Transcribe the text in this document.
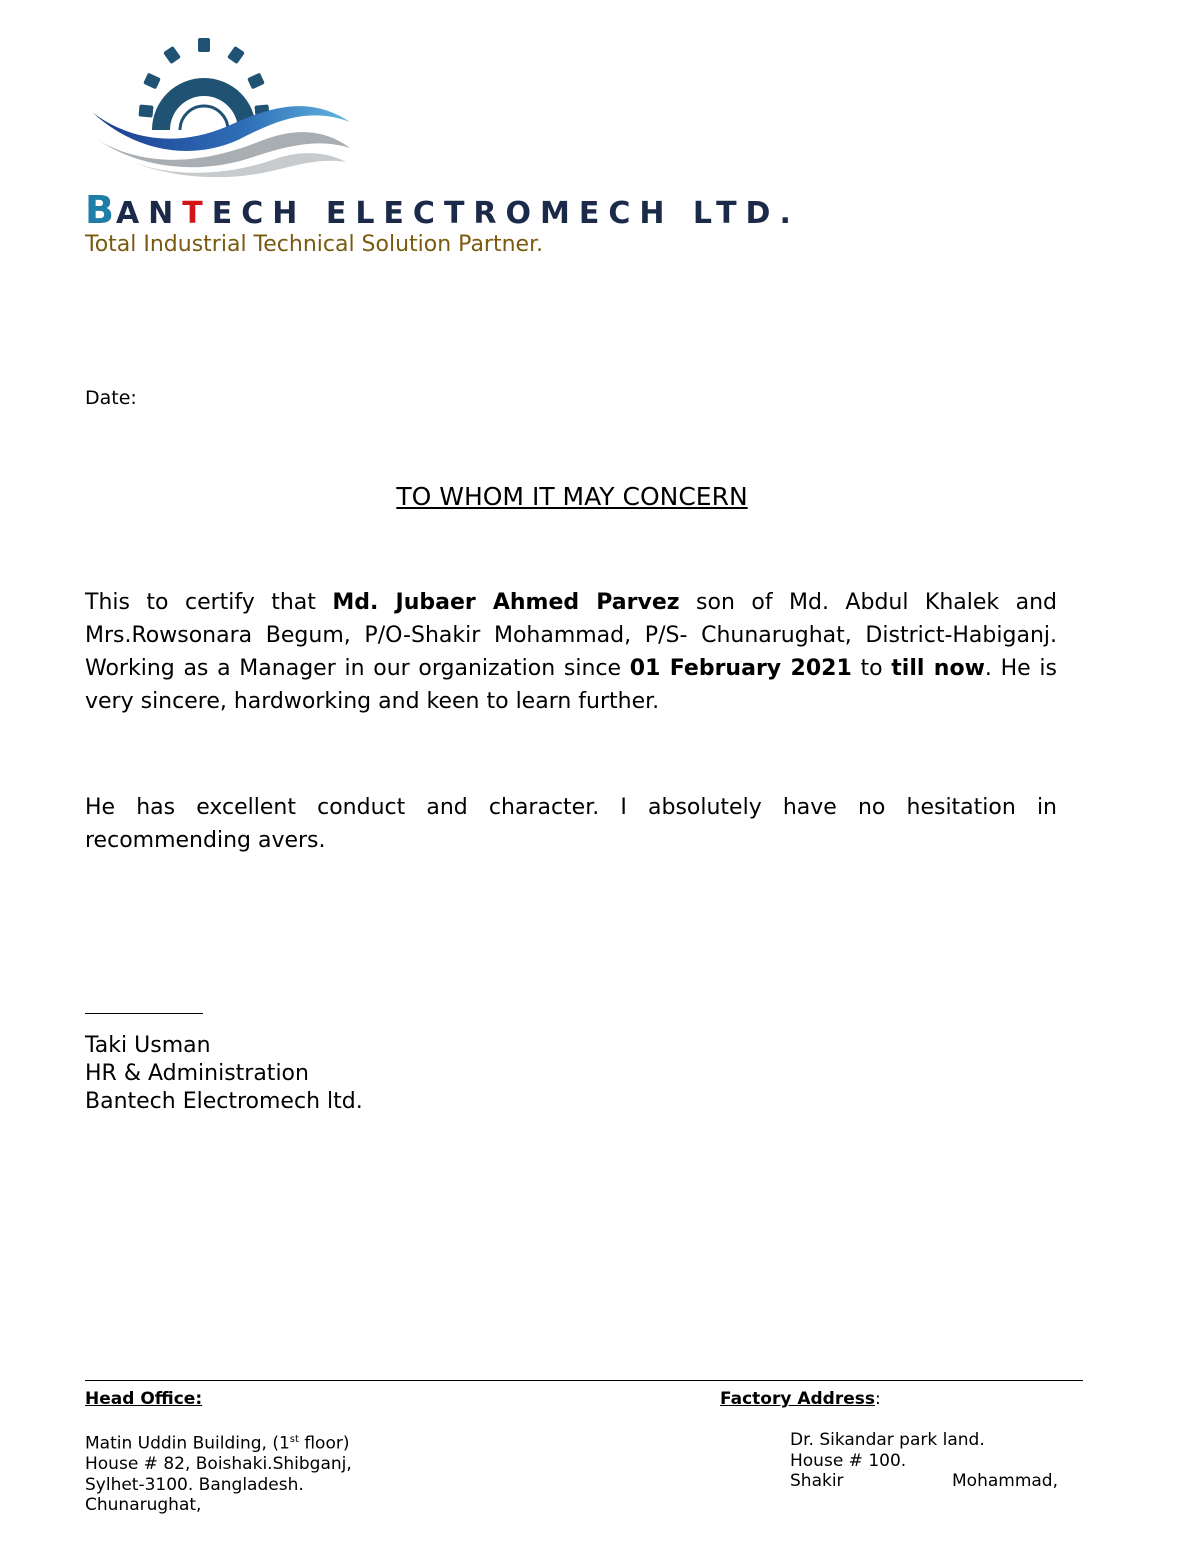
BANTECH ELECTROMECH LTD.
Total Industrial Technical Solution Partner.
Date:
TO WHOM IT MAY CONCERN
This to certify that Md. Jubaer Ahmed Parvez son of Md. Abdul Khalek and Mrs.Rowsonara Begum, P/O-Shakir Mohammad, P/S- Chunarughat, District-Habiganj. Working as a Manager in our organization since 01 February 2021 to till now. He is very sincere, hardworking and keen to learn further.
He has excellent conduct and character. I absolutely have no hesitation in recommending avers.
Taki Usman
HR & Administration
Bantech Electromech ltd.
Head Office:	Factory Address:
Matin Uddin Building, (1st floor)
House # 82, Boishaki.Shibganj,
Sylhet-3100. Bangladesh.
Chunarughat,
Dr. Sikandar park land.
House # 100.
Shakir	Mohammad,
